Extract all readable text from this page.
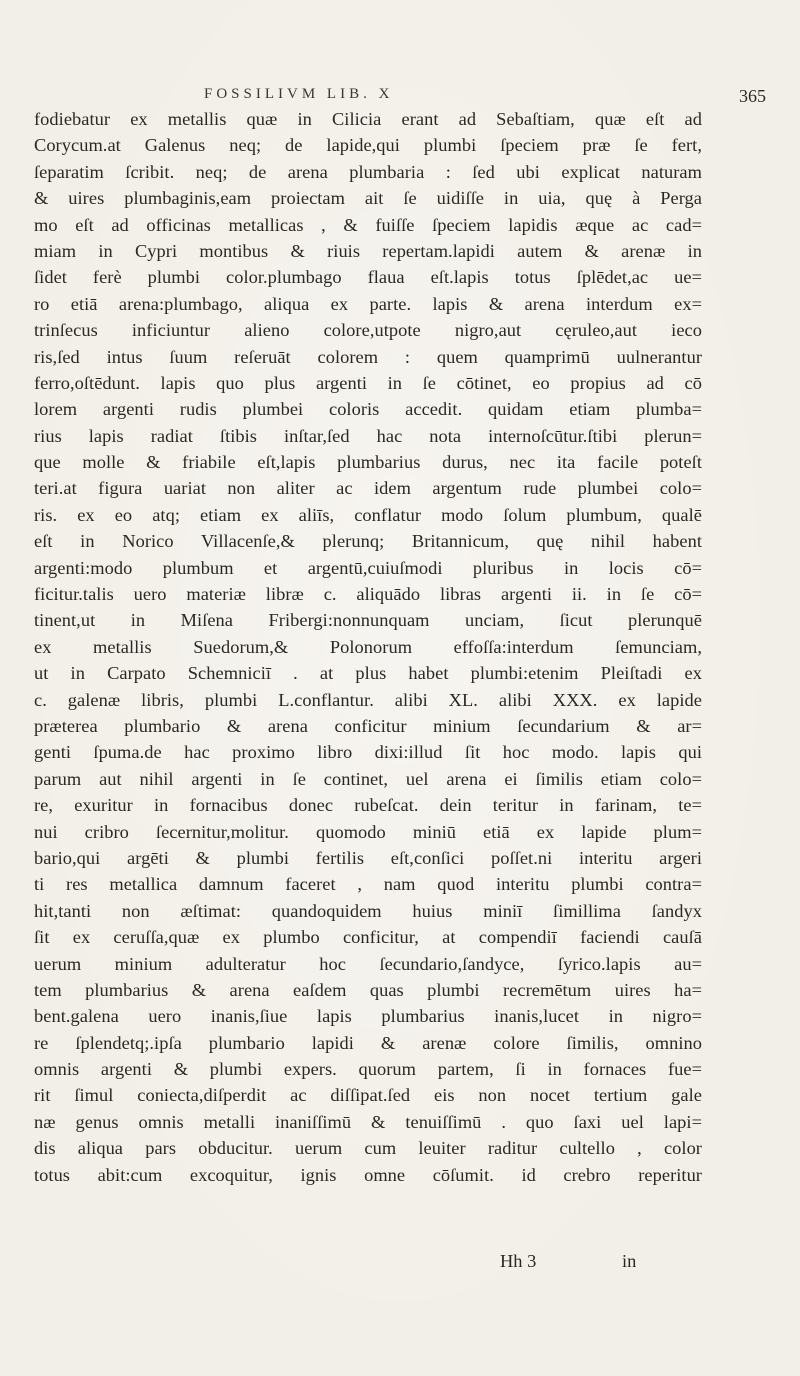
FOSSILIVM LIB. X	365
fodiebatur ex metallis quæ in Cilicia erant ad Sebaſtiam, quæ eſt ad
Corycum.at Galenus neq; de lapide,qui plumbi ſpeciem præ ſe fert,
ſeparatim ſcribit. neq; de arena plumbaria : ſed ubi explicat naturam
& uires plumbaginis,eam proiectam ait ſe uidiſſe in uia, quę à Perga
mo eſt ad officinas metallicas , & fuiſſe ſpeciem lapidis æque ac cad=
miam in Cypri montibus & riuis repertam.lapidi autem & arenæ in
ſidet ferè plumbi color.plumbago flaua eſt.lapis totus ſplēdet,ac ue=
ro etiā arena:plumbago, aliqua ex parte. lapis & arena interdum ex=
trinſecus inficiuntur alieno colore,utpote nigro,aut cęruleo,aut ieco
ris,ſed intus ſuum reſeruāt colorem : quem quamprimū uulnerantur
ferro,oſtēdunt. lapis quo plus argenti in ſe cōtinet, eo propius ad cō
lorem argenti rudis plumbei coloris accedit. quidam etiam plumba=
rius lapis radiat ſtibis inſtar,ſed hac nota internoſcūtur.ſtibi plerun=
que molle & friabile eſt,lapis plumbarius durus, nec ita facile poteſt
teri.at figura uariat non aliter ac idem argentum rude plumbei colo=
ris. ex eo atq; etiam ex aliīs, conflatur modo ſolum plumbum, qualē
eſt in Norico Villacenſe,& plerunq; Britannicum, quę nihil habent
argenti:modo plumbum et argentū,cuiuſmodi pluribus in locis cō=
ficitur.talis uero materiæ libræ c. aliquādo libras argenti ii. in ſe cō=
tinent,ut in Miſena Fribergi:nonnunquam unciam, ſicut plerunquē
ex metallis Suedorum,& Polonorum effoſſa:interdum ſemunciam,
ut in Carpato Schemniciī . at plus habet plumbi:etenim Pleiſtadi ex
c. galenæ libris, plumbi L.conflantur. alibi XL. alibi XXX. ex lapide
præterea plumbario & arena conficitur minium ſecundarium & ar=
genti ſpuma.de hac proximo libro dixi:illud ſit hoc modo. lapis qui
parum aut nihil argenti in ſe continet, uel arena ei ſimilis etiam colo=
re, exuritur in fornacibus donec rubeſcat. dein teritur in farinam, te=
nui cribro ſecernitur,molitur. quomodo miniū etiā ex lapide plum=
bario,qui argēti & plumbi fertilis eſt,conſici poſſet.ni interitu argeri
ti res metallica damnum faceret , nam quod interitu plumbi contra=
hit,tanti non æſtimat: quandoquidem huius miniī ſimillima ſandyx
ſit ex ceruſſa,quæ ex plumbo conficitur, at compendiī faciendi cauſā
uerum minium adulteratur hoc ſecundario,ſandyce, ſyrico.lapis au=
tem plumbarius & arena eaſdem quas plumbi recremētum uires ha=
bent.galena uero inanis,ſiue lapis plumbarius inanis,lucet in nigro=
re ſplendetq;.ipſa plumbario lapidi & arenæ colore ſimilis, omnino
omnis argenti & plumbi expers. quorum partem, ſi in fornaces fue=
rit ſimul coniecta,diſperdit ac diſſipat.ſed eis non nocet tertium gale
næ genus omnis metalli inaniſſimū & tenuiſſimū . quo ſaxi uel lapi=
dis aliqua pars obducitur. uerum cum leuiter raditur cultello , color
totus abit:cum excoquitur, ignis omne cōſumit. id crebro reperitur
Hh 3	in
